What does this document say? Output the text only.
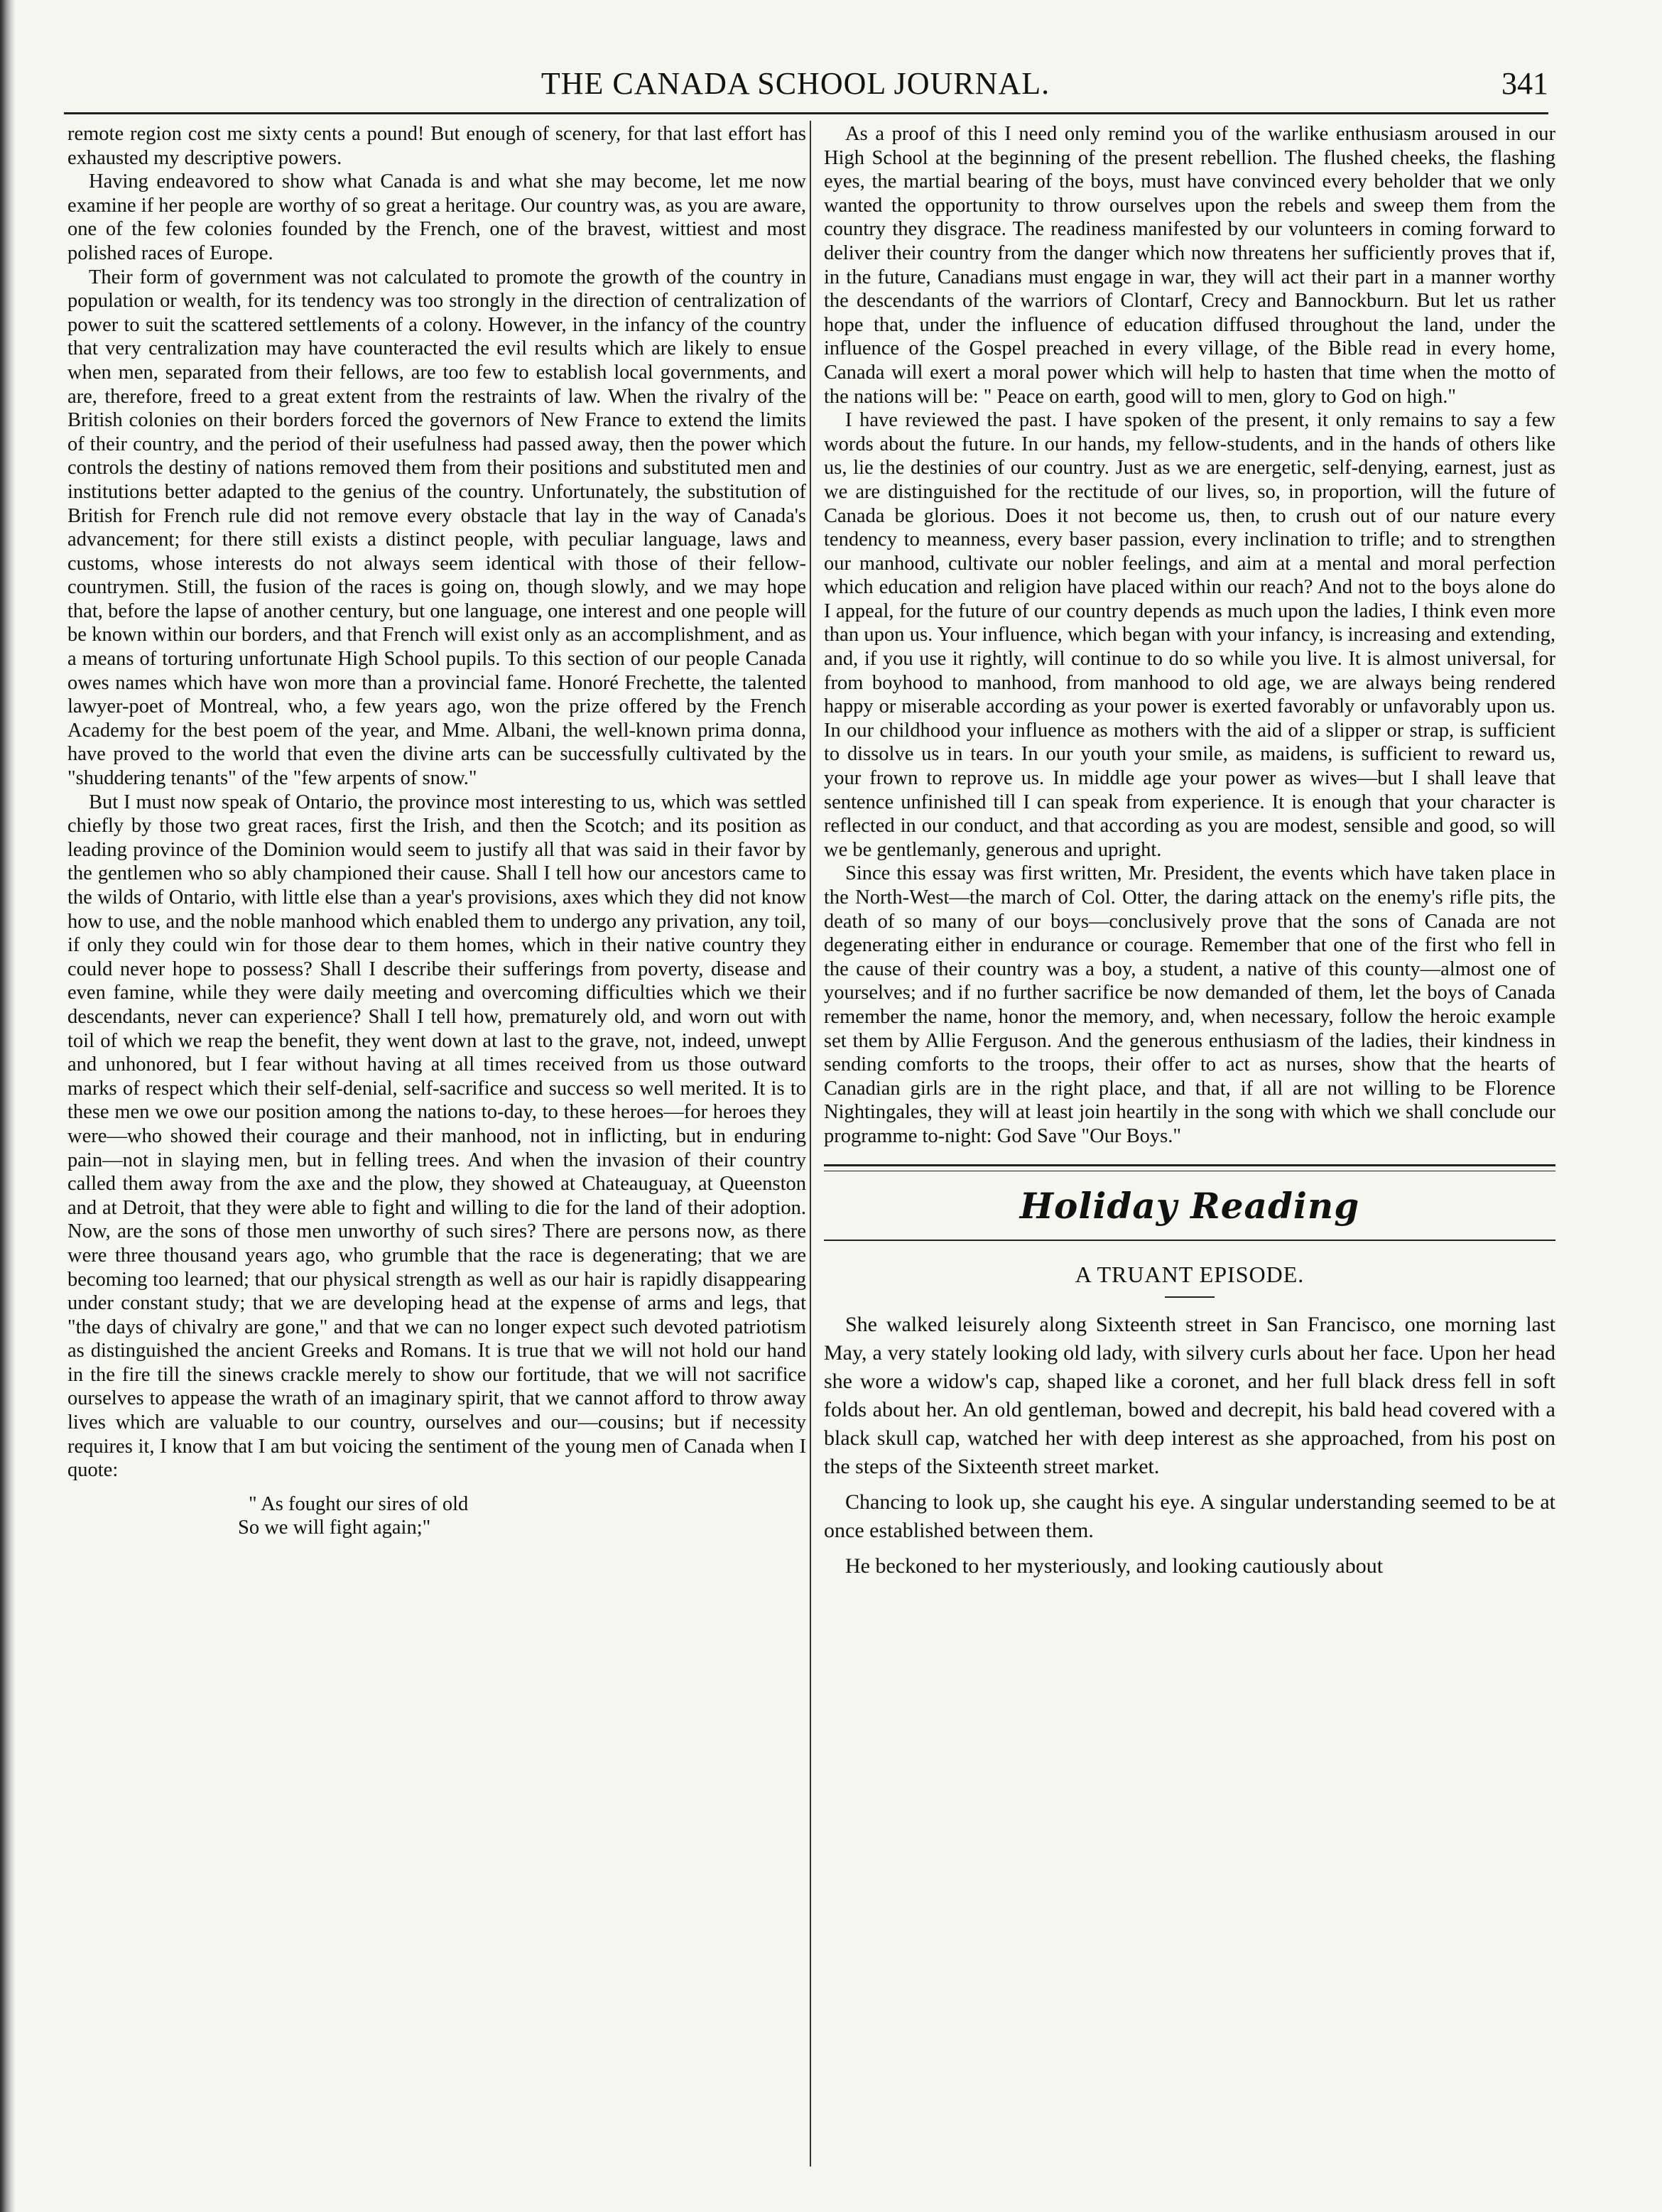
THE CANADA SCHOOL JOURNAL.	341

remote region cost me sixty cents a pound! But enough of scenery, for that last effort has exhausted my descriptive powers.

Having endeavored to show what Canada is and what she may become, let me now examine if her people are worthy of so great a heritage. Our country was, as you are aware, one of the few colonies founded by the French, one of the bravest, wittiest and most polished races of Europe.

Their form of government was not calculated to promote the growth of the country in population or wealth, for its tendency was too strongly in the direction of centralization of power to suit the scattered settlements of a colony. However, in the infancy of the country that very centralization may have counteracted the evil results which are likely to ensue when men, separated from their fellows, are too few to establish local governments, and are, therefore, freed to a great extent from the restraints of law. When the rivalry of the British colonies on their borders forced the governors of New France to extend the limits of their country, and the period of their usefulness had passed away, then the power which controls the destiny of nations removed them from their positions and substituted men and institutions better adapted to the genius of the country. Unfortunately, the substitution of British for French rule did not remove every obstacle that lay in the way of Canada's advancement; for there still exists a distinct people, with peculiar language, laws and customs, whose interests do not always seem identical with those of their fellow-countrymen. Still, the fusion of the races is going on, though slowly, and we may hope that, before the lapse of another century, but one language, one interest and one people will be known within our borders, and that French will exist only as an accomplishment, and as a means of torturing unfortunate High School pupils. To this section of our people Canada owes names which have won more than a provincial fame. Honoré Frechette, the talented lawyer-poet of Montreal, who, a few years ago, won the prize offered by the French Academy for the best poem of the year, and Mme. Albani, the well-known prima donna, have proved to the world that even the divine arts can be successfully cultivated by the "shuddering tenants" of the "few arpents of snow."

But I must now speak of Ontario, the province most interesting to us, which was settled chiefly by those two great races, first the Irish, and then the Scotch; and its position as leading province of the Dominion would seem to justify all that was said in their favor by the gentlemen who so ably championed their cause. Shall I tell how our ancestors came to the wilds of Ontario, with little else than a year's provisions, axes which they did not know how to use, and the noble manhood which enabled them to undergo any privation, any toil, if only they could win for those dear to them homes, which in their native country they could never hope to possess? Shall I describe their sufferings from poverty, disease and even famine, while they were daily meeting and overcoming difficulties which we their descendants, never can experience? Shall I tell how, prematurely old, and worn out with toil of which we reap the benefit, they went down at last to the grave, not, indeed, unwept and unhonored, but I fear without having at all times received from us those outward marks of respect which their self-denial, self-sacrifice and success so well merited. It is to these men we owe our position among the nations to-day, to these heroes—for heroes they were—who showed their courage and their manhood, not in inflicting, but in enduring pain—not in slaying men, but in felling trees. And when the invasion of their country called them away from the axe and the plow, they showed at Chateauguay, at Queenston and at Detroit, that they were able to fight and willing to die for the land of their adoption. Now, are the sons of those men unworthy of such sires? There are persons now, as there were three thousand years ago, who grumble that the race is degenerating; that we are becoming too learned; that our physical strength as well as our hair is rapidly disappearing under constant study; that we are developing head at the expense of arms and legs, that "the days of chivalry are gone," and that we can no longer expect such devoted patriotism as distinguished the ancient Greeks and Romans. It is true that we will not hold our hand in the fire till the sinews crackle merely to show our fortitude, that we will not sacrifice ourselves to appease the wrath of an imaginary spirit, that we cannot afford to throw away lives which are valuable to our country, ourselves and our—cousins; but if necessity requires it, I know that I am but voicing the sentiment of the young men of Canada when I quote:

" As fought our sires of old
So we will fight again;"

As a proof of this I need only remind you of the warlike enthusiasm aroused in our High School at the beginning of the present rebellion. The flushed cheeks, the flashing eyes, the martial bearing of the boys, must have convinced every beholder that we only wanted the opportunity to throw ourselves upon the rebels and sweep them from the country they disgrace. The readiness manifested by our volunteers in coming forward to deliver their country from the danger which now threatens her sufficiently proves that if, in the future, Canadians must engage in war, they will act their part in a manner worthy the descendants of the warriors of Clontarf, Crecy and Bannockburn. But let us rather hope that, under the influence of education diffused throughout the land, under the influence of the Gospel preached in every village, of the Bible read in every home, Canada will exert a moral power which will help to hasten that time when the motto of the nations will be: " Peace on earth, good will to men, glory to God on high."

I have reviewed the past. I have spoken of the present, it only remains to say a few words about the future. In our hands, my fellow-students, and in the hands of others like us, lie the destinies of our country. Just as we are energetic, self-denying, earnest, just as we are distinguished for the rectitude of our lives, so, in proportion, will the future of Canada be glorious. Does it not become us, then, to crush out of our nature every tendency to meanness, every baser passion, every inclination to trifle; and to strengthen our manhood, cultivate our nobler feelings, and aim at a mental and moral perfection which education and religion have placed within our reach? And not to the boys alone do I appeal, for the future of our country depends as much upon the ladies, I think even more than upon us. Your influence, which began with your infancy, is increasing and extending, and, if you use it rightly, will continue to do so while you live. It is almost universal, for from boyhood to manhood, from manhood to old age, we are always being rendered happy or miserable according as your power is exerted favorably or unfavorably upon us. In our childhood your influence as mothers with the aid of a slipper or strap, is sufficient to dissolve us in tears. In our youth your smile, as maidens, is sufficient to reward us, your frown to reprove us. In middle age your power as wives—but I shall leave that sentence unfinished till I can speak from experience. It is enough that your character is reflected in our conduct, and that according as you are modest, sensible and good, so will we be gentlemanly, generous and upright.

Since this essay was first written, Mr. President, the events which have taken place in the North-West—the march of Col. Otter, the daring attack on the enemy's rifle pits, the death of so many of our boys—conclusively prove that the sons of Canada are not degenerating either in endurance or courage. Remember that one of the first who fell in the cause of their country was a boy, a student, a native of this county—almost one of yourselves; and if no further sacrifice be now demanded of them, let the boys of Canada remember the name, honor the memory, and, when necessary, follow the heroic example set them by Allie Ferguson. And the generous enthusiasm of the ladies, their kindness in sending comforts to the troops, their offer to act as nurses, show that the hearts of Canadian girls are in the right place, and that, if all are not willing to be Florence Nightingales, they will at least join heartily in the song with which we shall conclude our programme to-night: God Save "Our Boys."

Holiday Reading
A TRUANT EPISODE.

She walked leisurely along Sixteenth street in San Francisco, one morning last May, a very stately looking old lady, with silvery curls about her face. Upon her head she wore a widow's cap, shaped like a coronet, and her full black dress fell in soft folds about her. An old gentleman, bowed and decrepit, his bald head covered with a black skull cap, watched her with deep interest as she approached, from his post on the steps of the Sixteenth street market.

Chancing to look up, she caught his eye. A singular understanding seemed to be at once established between them.

He beckoned to her mysteriously, and looking cautiously about
